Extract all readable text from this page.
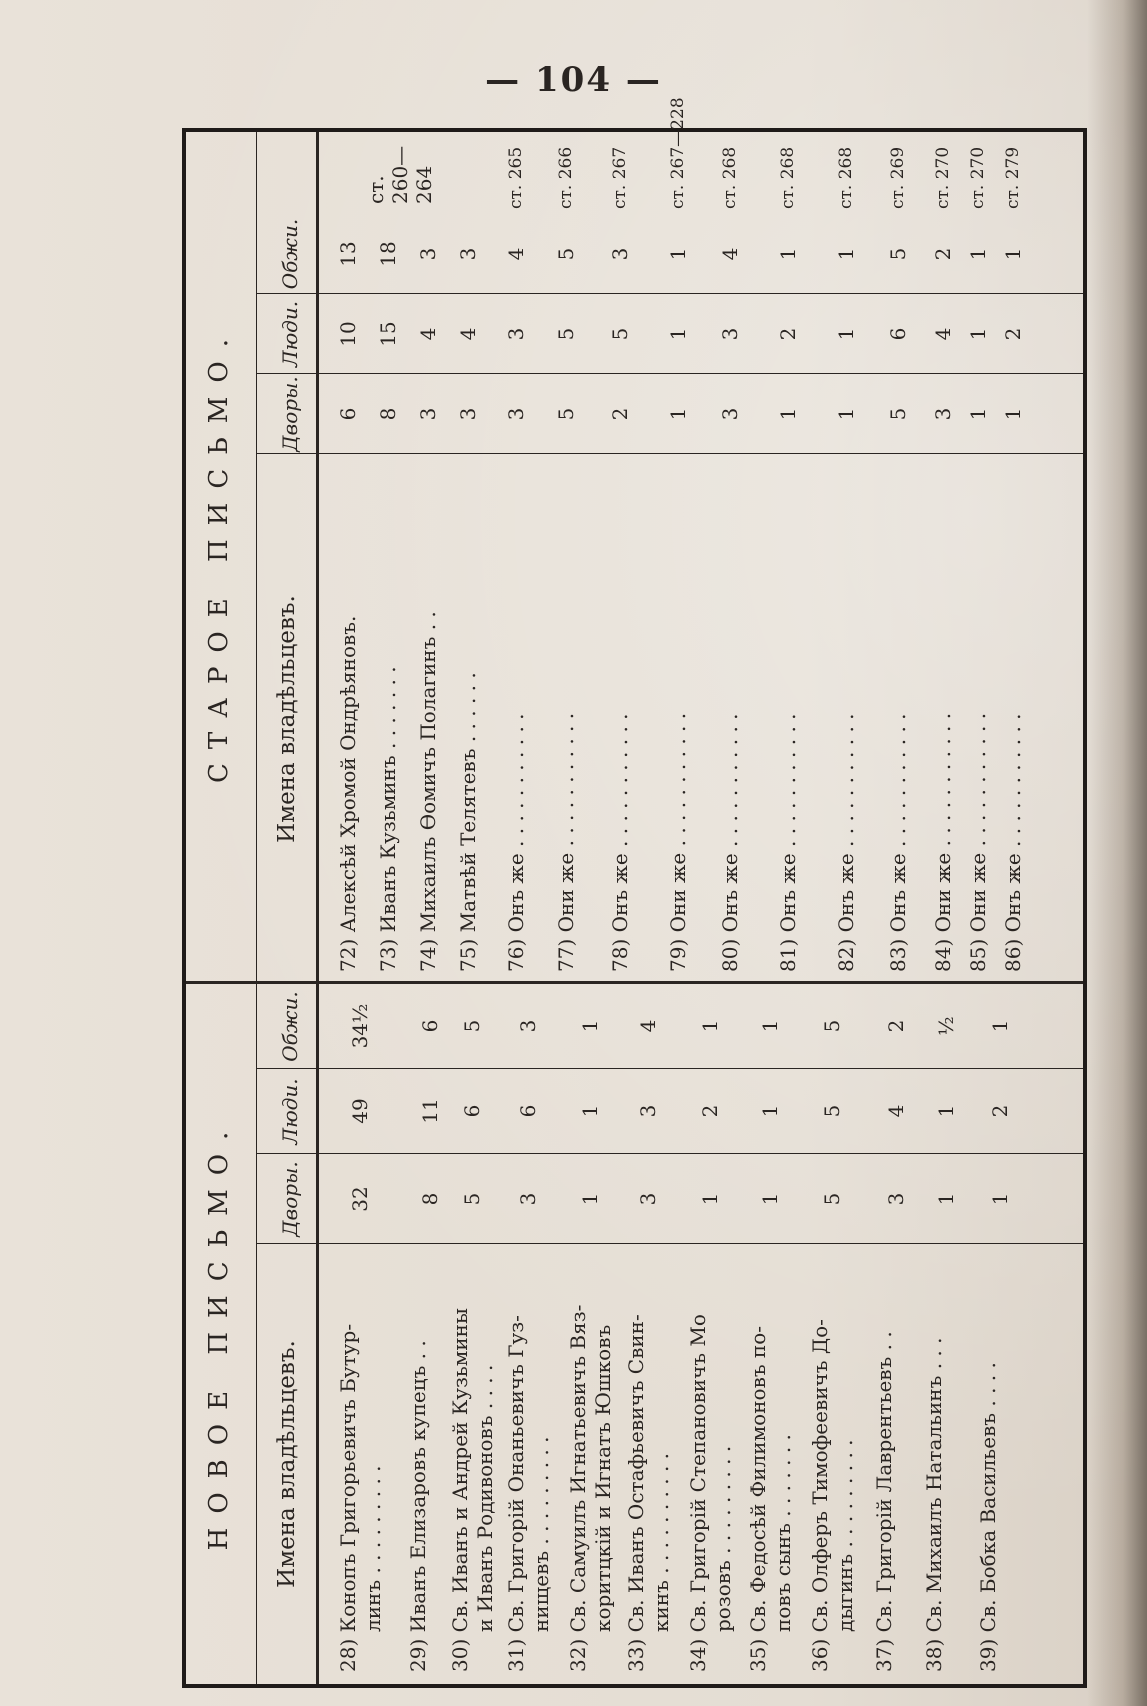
— 104 —
НОВОЕ ПИСЬМО.
СТАРОЕ ПИСЬМО.
Имена владѣльцевъ.
Дворы.
Люди.
Обжи.
Имена владѣльцевъ.
Дворы.
Люди.
Обжи.
28) Конопъ Григорьевичъ Бутур- линъ . . . . . . . . .
32
49
34½
29) Иванъ Елизаровъ купецъ . .
8
11
6
30) Св. Иванъ и Андрей Кузьмины и Иванъ Родивоновъ . . . .
5
6
5
31) Св. Григорій Онаньевичъ Гуз- нищевъ . . . . . . . . .
3
6
3
32) Св. Самуилъ Игнатьевичъ Вяз- коритцкій и Игнатъ Юшковъ
1
1
1
33) Св. Иванъ Остафьевичъ Свин- кинъ . . . . . . . . . .
3
3
4
34) Св. Григорій Степановичъ Мо розовъ . . . . . . . . .
1
2
1
35) Св. Федосѣй Филимоновъ по- повъ сынъ . . . . . . .
1
1
1
36) Св. Олферъ Тимофеевичъ До- дыгинъ . . . . . . . . .
5
5
5
37) Св. Григорій Лаврентьевъ . .
3
4
2
38) Св. Михаилъ Натальинъ . . .
1
1
½
39) Св. Бобка Васильевъ . . . .
1
2
1
72) Алексѣй Хромой Ондрѣяновъ.
6
10
13
73) Иванъ Кузьминъ . . . . . . .
8
15
18
74) Михаилъ Ѳомичъ Полагинъ . .
3
4
3
75) Матвѣй Телятевъ . . . . . .
3
4
3
76) Онъ же . . . . . . . . . . .
3
3
4
ст. 265
77) Они же . . . . . . . . . . .
5
5
5
ст. 266
78) Онъ же . . . . . . . . . . .
2
5
3
ст. 267
79) Они же . . . . . . . . . . .
1
1
1
ст. 267—228
80) Онъ же . . . . . . . . . . .
3
3
4
ст. 268
81) Онъ же . . . . . . . . . . .
1
2
1
ст. 268
82) Онъ же . . . . . . . . . . .
1
1
1
ст. 268
83) Онъ же . . . . . . . . . . .
5
6
5
ст. 269
84) Они же . . . . . . . . . . .
3
4
2
ст. 270
85) Они же . . . . . . . . . . .
1
1
1
ст. 270
86) Онъ же . . . . . . . . . . .
1
2
1
ст. 279
ст. 260—264
